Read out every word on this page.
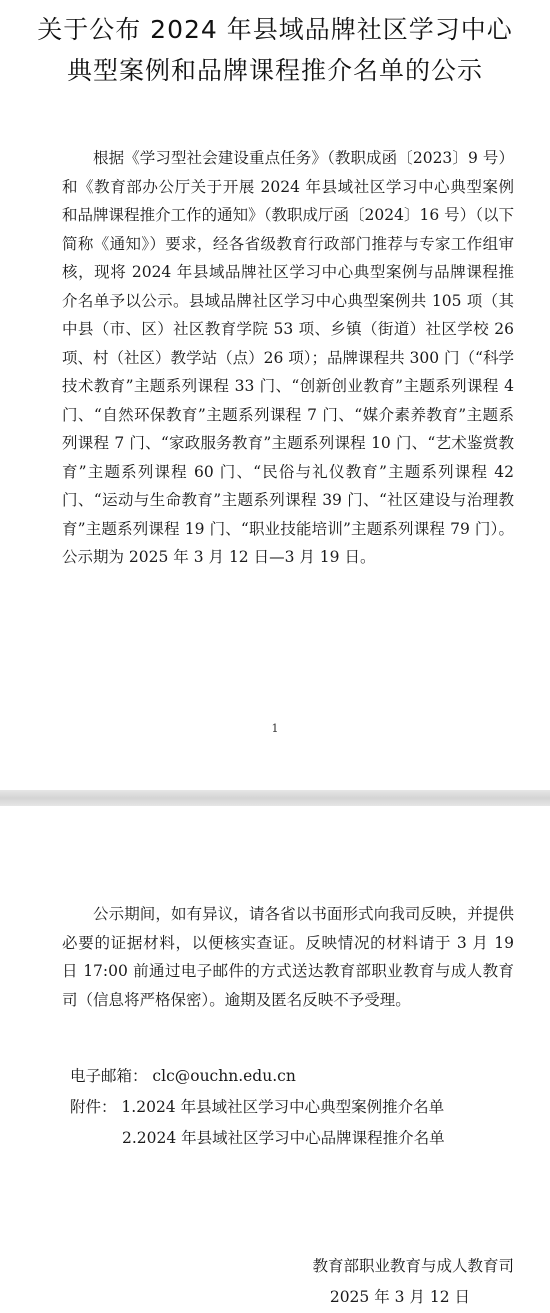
关于公布 2024 年县域品牌社区学习中心
典型案例和品牌课程推介名单的公示

根据《学习型社会建设重点任务》（教职成函〔2023〕9 号）和《教育部办公厅关于开展 2024 年县域社区学习中心典型案例和品牌课程推介工作的通知》（教职成厅函〔2024〕16 号）（以下简称《通知》）要求，经各省级教育行政部门推荐与专家工作组审核，现将 2024 年县域品牌社区学习中心典型案例与品牌课程推介名单予以公示。县域品牌社区学习中心典型案例共 105 项（其中县（市、区）社区教育学院 53 项、乡镇（街道）社区学校 26 项、村（社区）教学站（点）26 项）；品牌课程共 300 门（“科学技术教育”主题系列课程 33 门、“创新创业教育”主题系列课程 4 门、“自然环保教育”主题系列课程 7 门、“媒介素养教育”主题系列课程 7 门、“家政服务教育”主题系列课程 10 门、“艺术鉴赏教育”主题系列课程 60 门、“民俗与礼仪教育”主题系列课程 42 门、“运动与生命教育”主题系列课程 39 门、“社区建设与治理教育”主题系列课程 19 门、“职业技能培训”主题系列课程 79 门）。公示期为 2025 年 3 月 12 日—3 月 19 日。

1

公示期间，如有异议，请各省以书面形式向我司反映，并提供必要的证据材料，以便核实查证。反映情况的材料请于 3 月 19 日 17:00 前通过电子邮件的方式送达教育部职业教育与成人教育司（信息将严格保密）。逾期及匿名反映不予受理。

电子邮箱： clc@ouchn.edu.cn
附件： 1.2024 年县域社区学习中心典型案例推介名单
2.2024 年县域社区学习中心品牌课程推介名单
教育部职业教育与成人教育司
2025 年 3 月 12 日
